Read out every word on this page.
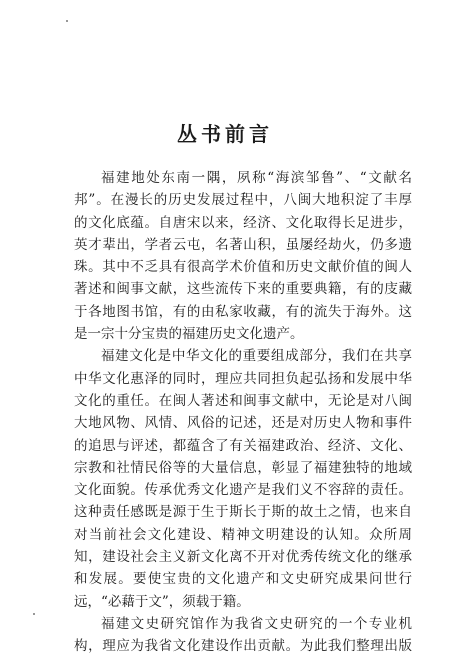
丛书前言
福建地处东南一隅，夙称“海滨邹鲁”、“文献名
邦”。在漫长的历史发展过程中，八闽大地积淀了丰厚
的文化底蕴。自唐宋以来，经济、文化取得长足进步，
英才辈出，学者云屯，名著山积，虽屡经劫火，仍多遗
珠。其中不乏具有很高学术价值和历史文献价值的闽人
著述和闽事文献，这些流传下来的重要典籍，有的庋藏
于各地图书馆，有的由私家收藏，有的流失于海外。这
是一宗十分宝贵的福建历史文化遗产。
福建文化是中华文化的重要组成部分，我们在共享
中华文化惠泽的同时，理应共同担负起弘扬和发展中华
文化的重任。在闽人著述和闽事文献中，无论是对八闽
大地风物、风情、风俗的记述，还是对历史人物和事件
的追思与评述，都蕴含了有关福建政治、经济、文化、
宗教和社情民俗等的大量信息，彰显了福建独特的地域
文化面貌。传承优秀文化遗产是我们义不容辞的责任。
这种责任感既是源于生于斯长于斯的故土之情，也来自
对当前社会文化建设、精神文明建设的认知。众所周
知，建设社会主义新文化离不开对优秀传统文化的继承
和发展。要使宝贵的文化遗产和文史研究成果问世行
远，“必藉于文”，须载于籍。
福建文史研究馆作为我省文史研究的一个专业机
构，理应为我省文化建设作出贡献。为此我们整理出版
